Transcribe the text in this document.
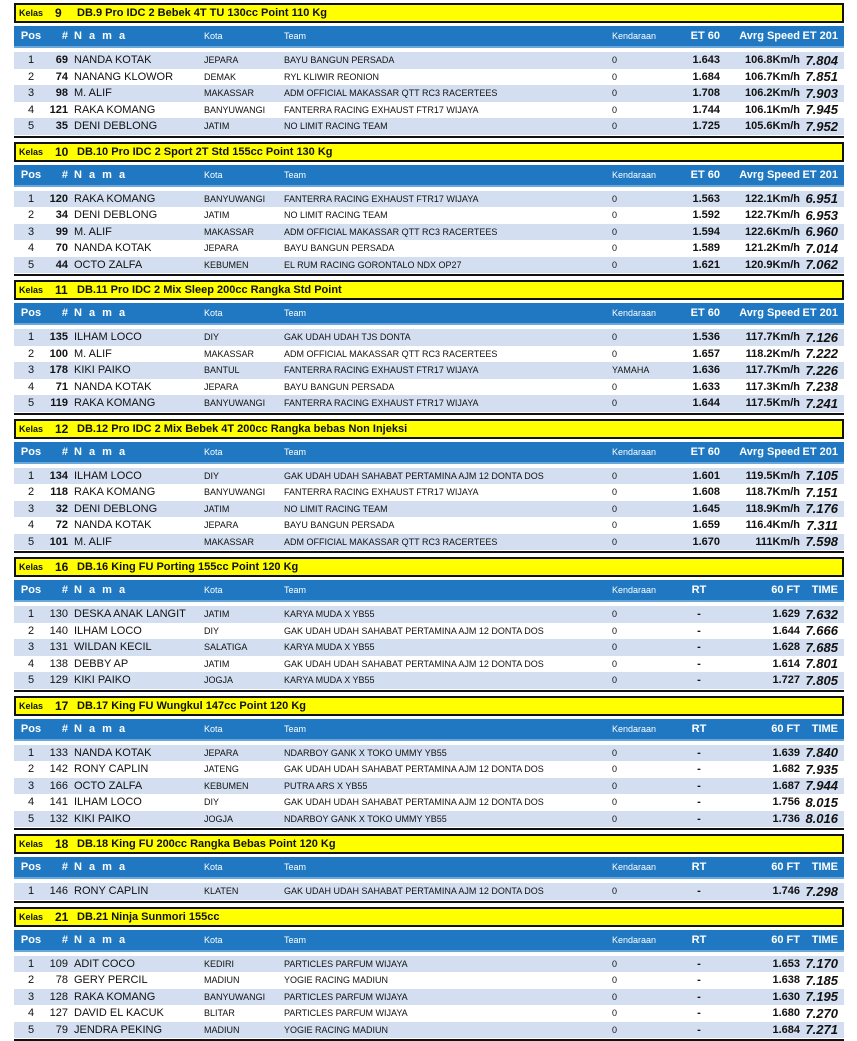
Kelas 9	DB.9 Pro IDC 2 Bebek 4T TU 130cc Point 110 Kg
Pos	# N a m a	Kota	Team	Kendaraan	ET 60	Avrg Speed ET 201
1	69 NANDA KOTAK	JEPARA	BAYU BANGUN PERSADA	0	1.643	106.8Km/h 7.804
2	74 NANANG KLOWOR	DEMAK	RYL KLIWIR REONION	0	1.684	106.7Km/h 7.851
3	98 M. ALIF	MAKASSAR	ADM OFFICIAL MAKASSAR QTT RC3 RACERTEES	0	1.708	106.2Km/h 7.903
4	121 RAKA KOMANG	BANYUWANGI	FANTERRA RACING EXHAUST FTR17 WIJAYA	0	1.744	106.1Km/h 7.945
5	35 DENI DEBLONG	JATIM	NO LIMIT RACING TEAM	0	1.725	105.6Km/h 7.952
Kelas 10 DB.10 Pro IDC 2 Sport 2T Std 155cc Point 130 Kg
Pos	# N a m a	Kota	Team	Kendaraan	ET 60	Avrg Speed ET 201
1	120 RAKA KOMANG	BANYUWANGI	FANTERRA RACING EXHAUST FTR17 WIJAYA	0	1.563	122.1Km/h 6.951
2	34 DENI DEBLONG	JATIM	NO LIMIT RACING TEAM	0	1.592	122.7Km/h 6.953
3	99 M. ALIF	MAKASSAR	ADM OFFICIAL MAKASSAR QTT RC3 RACERTEES	0	1.594	122.6Km/h 6.960
4	70 NANDA KOTAK	JEPARA	BAYU BANGUN PERSADA	0	1.589	121.2Km/h 7.014
5	44 OCTO ZALFA	KEBUMEN	EL RUM RACING GORONTALO NDX OP27	0	1.621	120.9Km/h 7.062
Kelas 11 DB.11 Pro IDC 2 Mix Sleep 200cc Rangka Std Point
Pos	# N a m a	Kota	Team	Kendaraan	ET 60	Avrg Speed ET 201
1	135 ILHAM LOCO	DIY	GAK UDAH UDAH TJS DONTA	0	1.536	117.7Km/h 7.126
2	100 M. ALIF	MAKASSAR	ADM OFFICIAL MAKASSAR QTT RC3 RACERTEES	0	1.657	118.2Km/h 7.222
3	178 KIKI PAIKO	BANTUL	FANTERRA RACING EXHAUST FTR17 WIJAYA	YAMAHA	1.636	117.7Km/h 7.226
4	71 NANDA KOTAK	JEPARA	BAYU BANGUN PERSADA	0	1.633	117.3Km/h 7.238
5	119 RAKA KOMANG	BANYUWANGI	FANTERRA RACING EXHAUST FTR17 WIJAYA	0	1.644	117.5Km/h 7.241
Kelas 12 DB.12 Pro IDC 2 Mix Bebek 4T 200cc Rangka bebas Non Injeksi
Pos	# N a m a	Kota	Team	Kendaraan	ET 60	Avrg Speed ET 201
1	134 ILHAM LOCO	DIY	GAK UDAH UDAH SAHABAT PERTAMINA AJM 12 DONTA DOS	0	1.601	119.5Km/h 7.105
2	118 RAKA KOMANG	BANYUWANGI	FANTERRA RACING EXHAUST FTR17 WIJAYA	0	1.608	118.7Km/h 7.151
3	32 DENI DEBLONG	JATIM	NO LIMIT RACING TEAM	0	1.645	118.9Km/h 7.176
4	72 NANDA KOTAK	JEPARA	BAYU BANGUN PERSADA	0	1.659	116.4Km/h 7.311
5	101 M. ALIF	MAKASSAR	ADM OFFICIAL MAKASSAR QTT RC3 RACERTEES	0	1.670	111Km/h 7.598
Kelas 16 DB.16 King FU Porting 155cc Point 120 Kg
Pos	# N a m a	Kota	Team	Kendaraan	RT	60 FT	TIME
1	130 DESKA ANAK LANGIT	JATIM	KARYA MUDA X YB55	0	-	1.629 7.632
2	140 ILHAM LOCO	DIY	GAK UDAH UDAH SAHABAT PERTAMINA AJM 12 DONTA DOS	0	-	1.644 7.666
3	131 WILDAN KECIL	SALATIGA	KARYA MUDA X YB55	0	-	1.628 7.685
4	138 DEBBY AP	JATIM	GAK UDAH UDAH SAHABAT PERTAMINA AJM 12 DONTA DOS	0	-	1.614 7.801
5	129 KIKI PAIKO	JOGJA	KARYA MUDA X YB55	0	-	1.727 7.805
Kelas 17 DB.17 King FU Wungkul 147cc Point 120 Kg
Pos	# N a m a	Kota	Team	Kendaraan	RT	60 FT	TIME
1	133 NANDA KOTAK	JEPARA	NDARBOY GANK X TOKO UMMY YB55	0	-	1.639 7.840
2	142 RONY CAPLIN	JATENG	GAK UDAH UDAH SAHABAT PERTAMINA AJM 12 DONTA DOS	0	-	1.682 7.935
3	166 OCTO ZALFA	KEBUMEN	PUTRA ARS X YB55	0	-	1.687 7.944
4	141 ILHAM LOCO	DIY	GAK UDAH UDAH SAHABAT PERTAMINA AJM 12 DONTA DOS	0	-	1.756 8.015
5	132 KIKI PAIKO	JOGJA	NDARBOY GANK X TOKO UMMY YB55	0	-	1.736 8.016
Kelas 18 DB.18 King FU 200cc Rangka Bebas Point 120 Kg
Pos	# N a m a	Kota	Team	Kendaraan	RT	60 FT	TIME
1	146 RONY CAPLIN	KLATEN	GAK UDAH UDAH SAHABAT PERTAMINA AJM 12 DONTA DOS	0	-	1.746 7.298
Kelas 21 DB.21 Ninja Sunmori 155cc
Pos	# N a m a	Kota	Team	Kendaraan	RT	60 FT	TIME
1	109 ADIT COCO	KEDIRI	PARTICLES PARFUM WIJAYA	0	-	1.653 7.170
2	78 GERY PERCIL	MADIUN	YOGIE RACING MADIUN	0	-	1.638 7.185
3	128 RAKA KOMANG	BANYUWANGI	PARTICLES PARFUM WIJAYA	0	-	1.630 7.195
4	127 DAVID EL KACUK	BLITAR	PARTICLES PARFUM WIJAYA	0	-	1.680 7.270
5	79 JENDRA PEKING	MADIUN	YOGIE RACING MADIUN	0	-	1.684 7.271
